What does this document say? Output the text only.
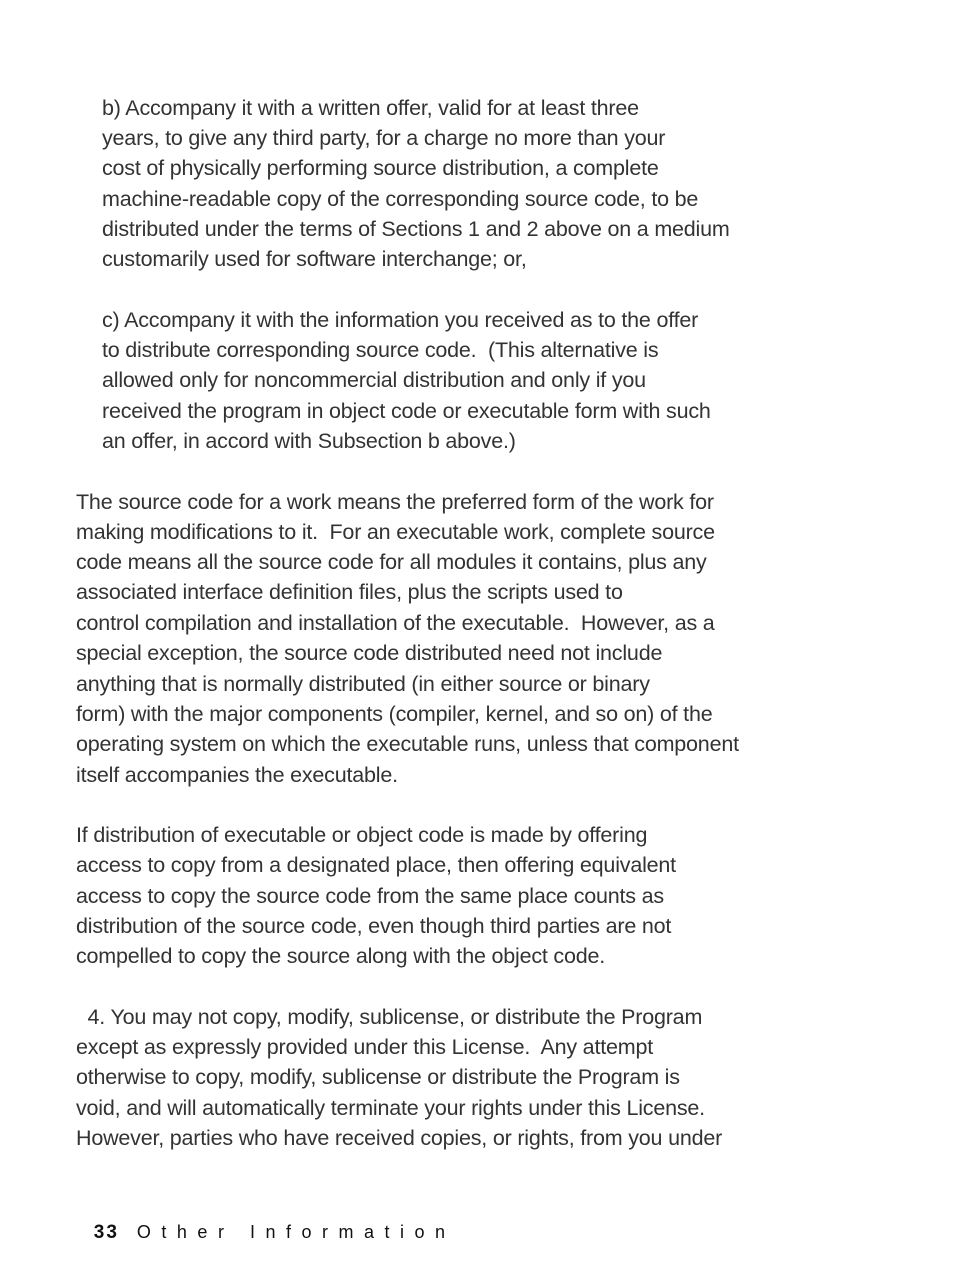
b) Accompany it with a written offer, valid for at least three
years, to give any third party, for a charge no more than your
cost of physically performing source distribution, a complete
machine-readable copy of the corresponding source code, to be
distributed under the terms of Sections 1 and 2 above on a medium
customarily used for software interchange; or,
c) Accompany it with the information you received as to the offer
to distribute corresponding source code.  (This alternative is
allowed only for noncommercial distribution and only if you
received the program in object code or executable form with such
an offer, in accord with Subsection b above.)
The source code for a work means the preferred form of the work for
making modifications to it.  For an executable work, complete source
code means all the source code for all modules it contains, plus any
associated interface definition files, plus the scripts used to
control compilation and installation of the executable.  However, as a
special exception, the source code distributed need not include
anything that is normally distributed (in either source or binary
form) with the major components (compiler, kernel, and so on) of the
operating system on which the executable runs, unless that component
itself accompanies the executable.
If distribution of executable or object code is made by offering
access to copy from a designated place, then offering equivalent
access to copy the source code from the same place counts as
distribution of the source code, even though third parties are not
compelled to copy the source along with the object code.
4. You may not copy, modify, sublicense, or distribute the Program
except as expressly provided under this License.  Any attempt
otherwise to copy, modify, sublicense or distribute the Program is
void, and will automatically terminate your rights under this License.
However, parties who have received copies, or rights, from you under

33 Other Information
